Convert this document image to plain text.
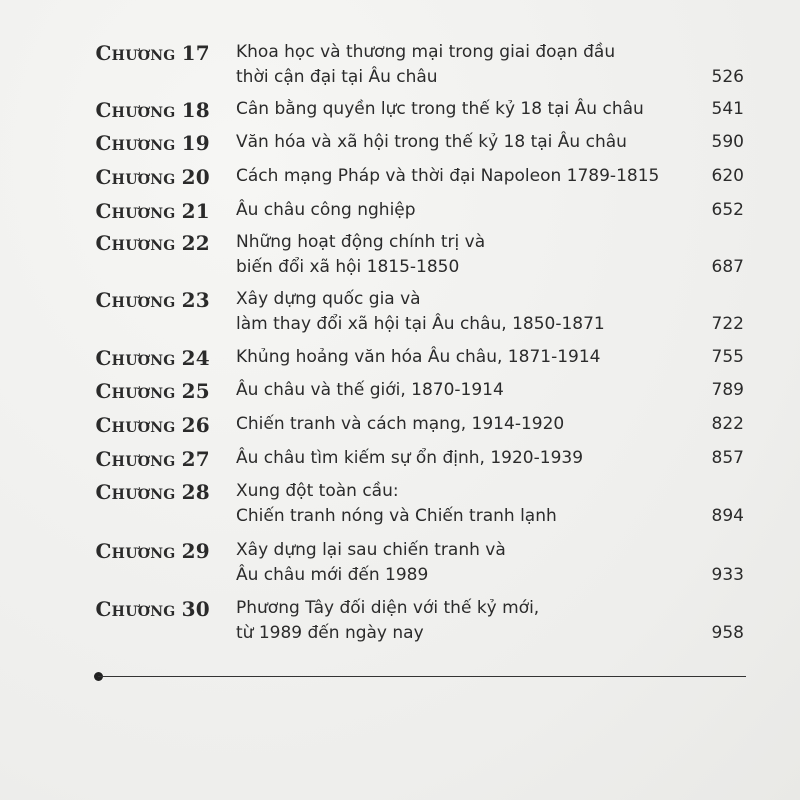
Chương 17 Khoa học và thương mại trong giai đoạn đầu
thời cận đại tại Âu châu	526
Chương 18 Cân bằng quyền lực trong thế kỷ 18 tại Âu châu	541
Chương 19 Văn hóa và xã hội trong thế kỷ 18 tại Âu châu	590
Chương 20 Cách mạng Pháp và thời đại Napoleon 1789-1815	620
Chương 21 Âu châu công nghiệp	652
Chương 22 Những hoạt động chính trị và
biến đổi xã hội 1815-1850	687
Chương 23 Xây dựng quốc gia và
làm thay đổi xã hội tại Âu châu, 1850-1871	722
Chương 24 Khủng hoảng văn hóa Âu châu, 1871-1914	755
Chương 25 Âu châu và thế giới, 1870-1914	789
Chương 26 Chiến tranh và cách mạng, 1914-1920	822
Chương 27 Âu châu tìm kiếm sự ổn định, 1920-1939	857
Chương 28 Xung đột toàn cầu:
Chiến tranh nóng và Chiến tranh lạnh	894
Chương 29 Xây dựng lại sau chiến tranh và
Âu châu mới đến 1989	933
Chương 30 Phương Tây đối diện với thế kỷ mới,
từ 1989 đến ngày nay	958
